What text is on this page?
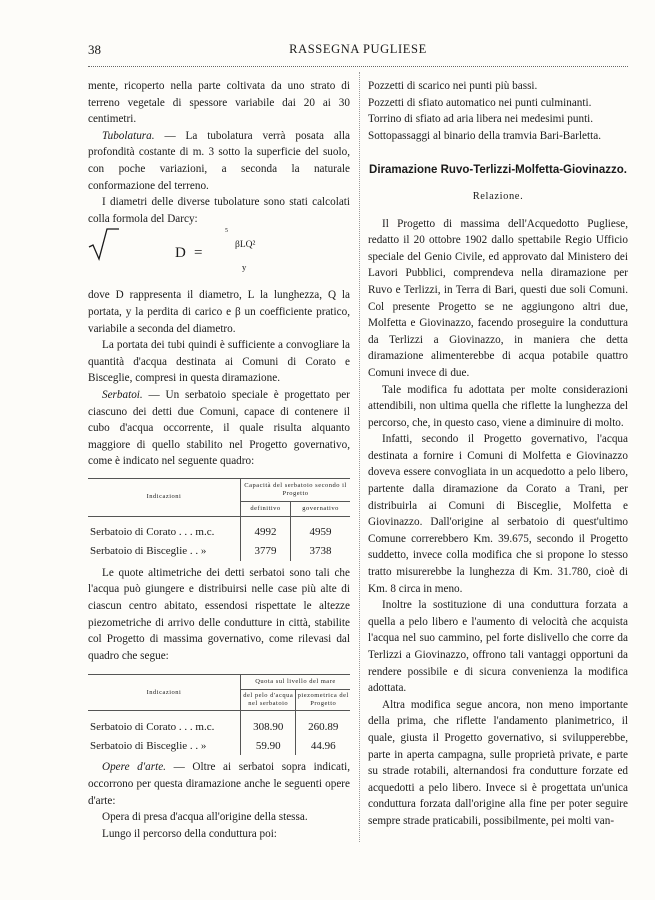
38	RASSEGNA PUGLIESE

mente, ricoperto nella parte coltivata da uno strato di terreno vegetale di spessore variabile dai 20 ai 30 centimetri.

Tubolatura. — La tubolatura verrà posata alla profondità costante di m. 3 sotto la superficie del suolo, con poche variazioni, a seconda la naturale conformazione del terreno.

I diametri delle diverse tubolature sono stati calcolati colla formola del Darcy:

D =
5
βLQ²
y

dove D rappresenta il diametro, L la lunghezza, Q la portata, y la perdita di carico e β un coefficiente pratico, variabile a seconda del diametro.

La portata dei tubi quindi è sufficiente a convogliare la quantità d'acqua destinata ai Comuni di Corato e Bisceglie, compresi in questa diramazione.

Serbatoi. — Un serbatoio speciale è progettato per ciascuno dei detti due Comuni, capace di contenere il cubo d'acqua occorrente, il quale risulta alquanto maggiore di quello stabilito nel Progetto governativo, come è indicato nel seguente quadro:

Indicazioni	Capacità del serbatoio secondo il Progetto	
	definitivo	governativo

Serbatoio di Corato . . . m.c.	4992	4959
Serbatoio di Bisceglie . . »	3779	3738

Le quote altimetriche dei detti serbatoi sono tali che l'acqua può giungere e distribuirsi nelle case più alte di ciascun centro abitato, essendosi rispettate le altezze piezometriche di arrivo delle condutture in città, stabilite col Progetto di massima governativo, come rilevasi dal quadro che segue:

Indicazioni	Quota sul livello del mare	
	del pelo d'acqua nel serbatoio	piezometrica del Progetto

Serbatoio di Corato . . . m.c.	308.90	260.89
Serbatoio di Bisceglie . . »	59.90	44.96

Opere d'arte. — Oltre ai serbatoi sopra indicati, occorrono per questa diramazione anche le seguenti opere d'arte:

Opera di presa d'acqua all'origine della stessa.

Lungo il percorso della conduttura poi:

Pozzetti di scarico nei punti più bassi.

Pozzetti di sfiato automatico nei punti culminanti.

Torrino di sfiato ad aria libera nei medesimi punti.

Sottopassaggi al binario della tramvia Bari-Barletta.

Diramazione Ruvo-Terlizzi-Molfetta-Giovinazzo.
Relazione.

Il Progetto di massima dell'Acquedotto Pugliese, redatto il 20 ottobre 1902 dallo spettabile Regio Ufficio speciale del Genio Civile, ed approvato dal Ministero dei Lavori Pubblici, comprendeva nella diramazione per Ruvo e Terlizzi, in Terra di Bari, questi due soli Comuni. Col presente Progetto se ne aggiungono altri due, Molfetta e Giovinazzo, facendo proseguire la conduttura da Terlizzi a Giovinazzo, in maniera che detta diramazione alimenterebbe di acqua potabile quattro Comuni invece di due.

Tale modifica fu adottata per molte considerazioni attendibili, non ultima quella che riflette la lunghezza del percorso, che, in questo caso, viene a diminuire di molto.

Infatti, secondo il Progetto governativo, l'acqua destinata a fornire i Comuni di Molfetta e Giovinazzo doveva essere convogliata in un acquedotto a pelo libero, partente dalla diramazione da Corato a Trani, per distribuirla ai Comuni di Bisceglie, Molfetta e Giovinazzo. Dall'origine al serbatoio di quest'ultimo Comune correrebbero Km. 39.675, secondo il Progetto suddetto, invece colla modifica che si propone lo stesso tratto misurerebbe la lunghezza di Km. 31.780, cioè di Km. 8 circa in meno.

Inoltre la sostituzione di una conduttura forzata a quella a pelo libero e l'aumento di velocità che acquista l'acqua nel suo cammino, pel forte dislivello che corre da Terlizzi a Giovinazzo, offrono tali vantaggi opportuni da rendere possibile e di sicura convenienza la modifica adottata.

Altra modifica segue ancora, non meno importante della prima, che riflette l'andamento planimetrico, il quale, giusta il Progetto governativo, si svilupperebbe, parte in aperta campagna, sulle proprietà private, e parte su strade rotabili, alternandosi fra condutture forzate ed acquedotti a pelo libero. Invece si è progettata un'unica conduttura forzata dall'origine alla fine per poter seguire sempre strade praticabili, possibilmente, pei molti van-
